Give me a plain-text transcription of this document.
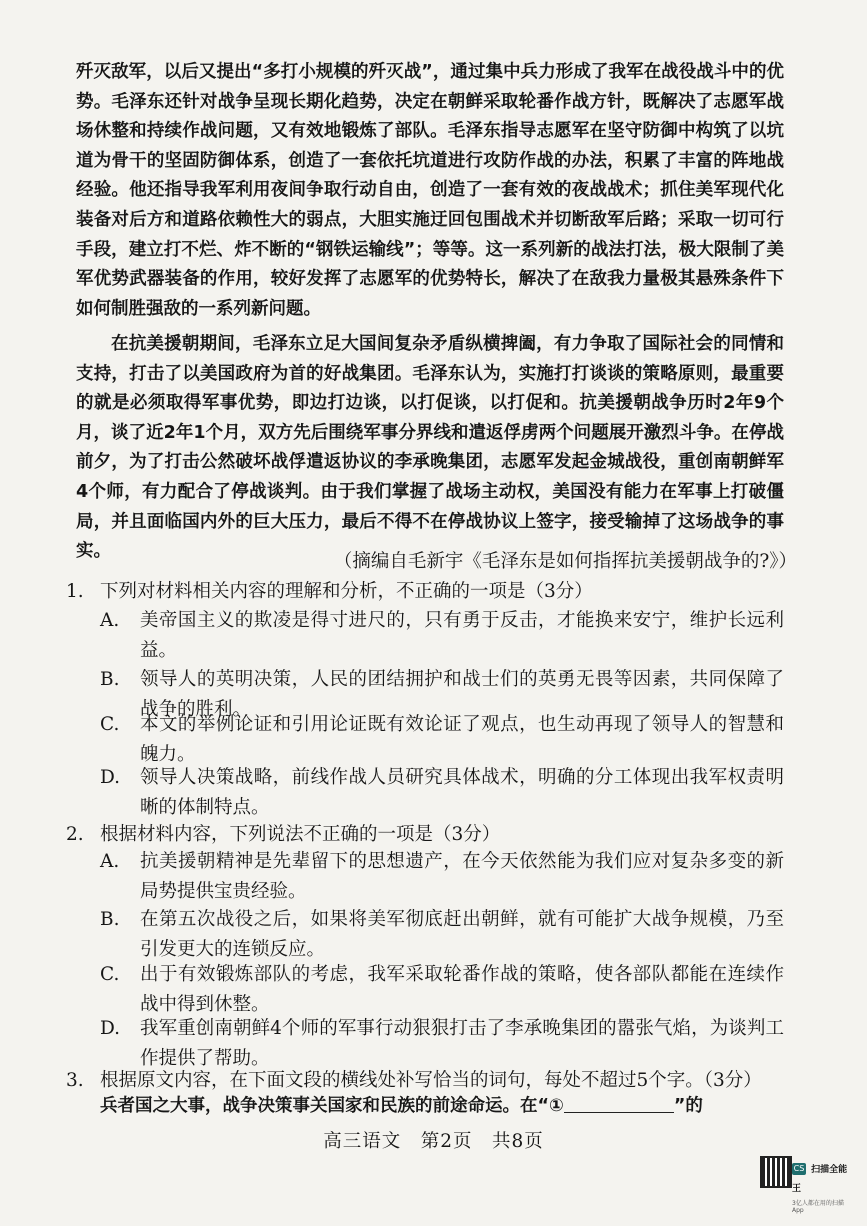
歼灭敌军，以后又提出“多打小规模的歼灭战”，通过集中兵力形成了我军在战役战斗中的优势。毛泽东还针对战争呈现长期化趋势，决定在朝鲜采取轮番作战方针，既解决了志愿军战场休整和持续作战问题，又有效地锻炼了部队。毛泽东指导志愿军在坚守防御中构筑了以坑道为骨干的坚固防御体系，创造了一套依托坑道进行攻防作战的办法，积累了丰富的阵地战经验。他还指导我军利用夜间争取行动自由，创造了一套有效的夜战战术；抓住美军现代化装备对后方和道路依赖性大的弱点，大胆实施迂回包围战术并切断敌军后路；采取一切可行手段，建立打不烂、炸不断的“钢铁运输线”；等等。这一系列新的战法打法，极大限制了美军优势武器装备的作用，较好发挥了志愿军的优势特长，解决了在敌我力量极其悬殊条件下如何制胜强敌的一系列新问题。

在抗美援朝期间，毛泽东立足大国间复杂矛盾纵横捭阖，有力争取了国际社会的同情和支持，打击了以美国政府为首的好战集团。毛泽东认为，实施打打谈谈的策略原则，最重要的就是必须取得军事优势，即边打边谈，以打促谈，以打促和。抗美援朝战争历时2年9个月，谈了近2年1个月，双方先后围绕军事分界线和遣返俘虏两个问题展开激烈斗争。在停战前夕，为了打击公然破坏战俘遣返协议的李承晚集团，志愿军发起金城战役，重创南朝鲜军4个师，有力配合了停战谈判。由于我们掌握了战场主动权，美国没有能力在军事上打破僵局，并且面临国内外的巨大压力，最后不得不在停战协议上签字，接受输掉了这场战争的事实。	（摘编自毛新宇《毛泽东是如何指挥抗美援朝战争的?》）
1. 下列对材料相关内容的理解和分析，不正确的一项是（3分）
A.	美帝国主义的欺凌是得寸进尺的，只有勇于反击，才能换来安宁，维护长远利益。
B.	领导人的英明决策，人民的团结拥护和战士们的英勇无畏等因素，共同保障了战争的胜利。
C.	本文的举例论证和引用论证既有效论证了观点，也生动再现了领导人的智慧和魄力。
D.	领导人决策战略，前线作战人员研究具体战术，明确的分工体现出我军权责明晰的体制特点。
2. 根据材料内容，下列说法不正确的一项是（3分）
A.	抗美援朝精神是先辈留下的思想遗产，在今天依然能为我们应对复杂多变的新局势提供宝贵经验。
B.	在第五次战役之后，如果将美军彻底赶出朝鲜，就有可能扩大战争规模，乃至引发更大的连锁反应。
C.	出于有效锻炼部队的考虑，我军采取轮番作战的策略，使各部队都能在连续作战中得到休整。
D.	我军重创南朝鲜4个师的军事行动狠狠打击了李承晚集团的嚣张气焰，为谈判工作提供了帮助。
3. 根据原文内容，在下面文段的横线处补写恰当的词句，每处不超过5个字。（3分）
兵者国之大事，战争决策事关国家和民族的前途命运。在“①	”的
高三语文　第2页　共8页
CS 扫描全能王
3亿人都在用的扫描App
